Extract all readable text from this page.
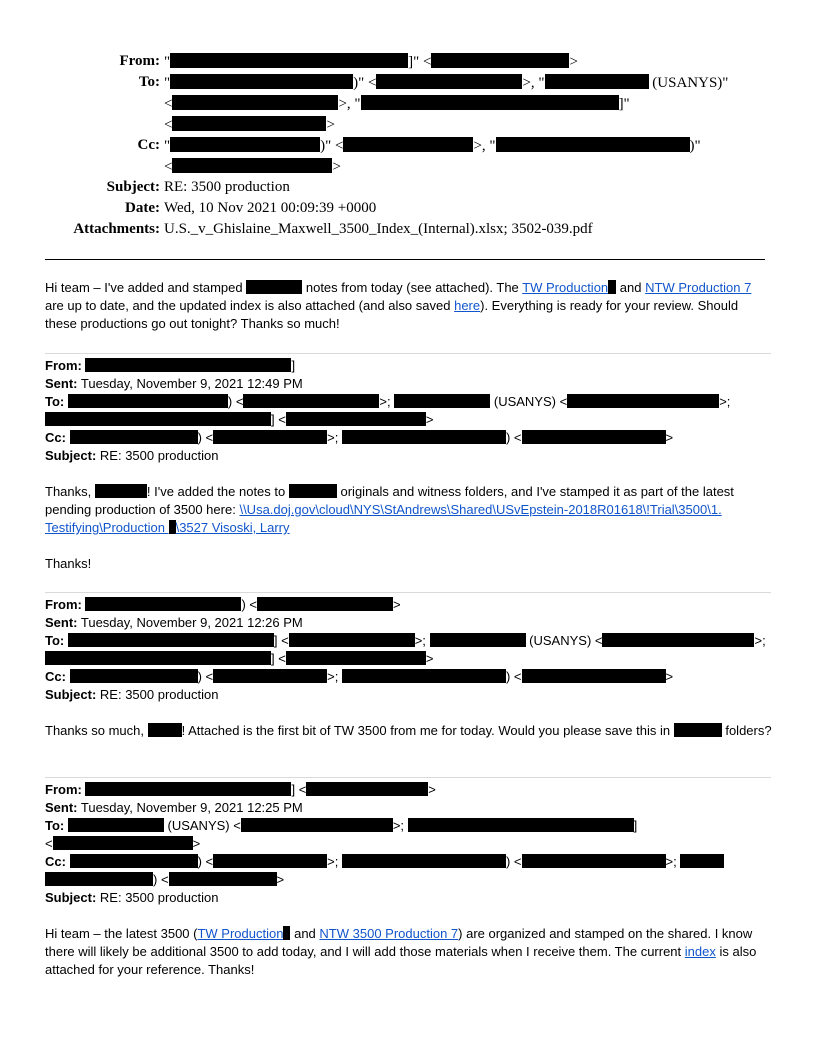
From: "	]" <	>
To: "	)" <	>, "	(USANYS)"
<	>, "	]"
<	>
Cc: "	)" <	>, "	)"
<	>
Subject: RE: 3500 production
Date: Wed, 10 Nov 2021 00:09:39 +0000
Attachments: U.S._v_Ghislaine_Maxwell_3500_Index_(Internal).xlsx; 3502-039.pdf
Hi team – I've added and stamped	notes from today (see attached). The TW Production and NTW Production 7 are up to date, and the updated index is also attached (and also saved here). Everything is ready for your review. Should these productions go out tonight? Thanks so much!
From:	]
Sent: Tuesday, November 9, 2021 12:49 PM
To:	) <	>;	(USANYS) <	>;
] <	>
Cc:	) <	>;	) <	>
Subject: RE: 3500 production
Thanks,	! I've added the notes to	originals and witness folders, and I've stamped it as part of the latest pending production of 3500 here: \\Usa.doj.gov\cloud\NYS\StAndrews\Shared\USvEpstein-2018R01618\!Trial\3500\1. Testifying\Production \3527 Visoski, Larry
Thanks!
From:	) <	>
Sent: Tuesday, November 9, 2021 12:26 PM
To:	] <	>;	(USANYS) <	>;
] <	>
Cc:	) <	>;	) <	>
Subject: RE: 3500 production
Thanks so much,	! Attached is the first bit of TW 3500 from me for today. Would you please save this in	folders?
From:	] <	>
Sent: Tuesday, November 9, 2021 12:25 PM
To:	(USANYS) <	>;	]
<	>
Cc:	) <	>;	) <	>;
) <	>
Subject: RE: 3500 production
Hi team – the latest 3500 (TW Production and NTW 3500 Production 7) are organized and stamped on the shared. I know there will likely be additional 3500 to add today, and I will add those materials when I receive them. The current index is also attached for your reference. Thanks!
